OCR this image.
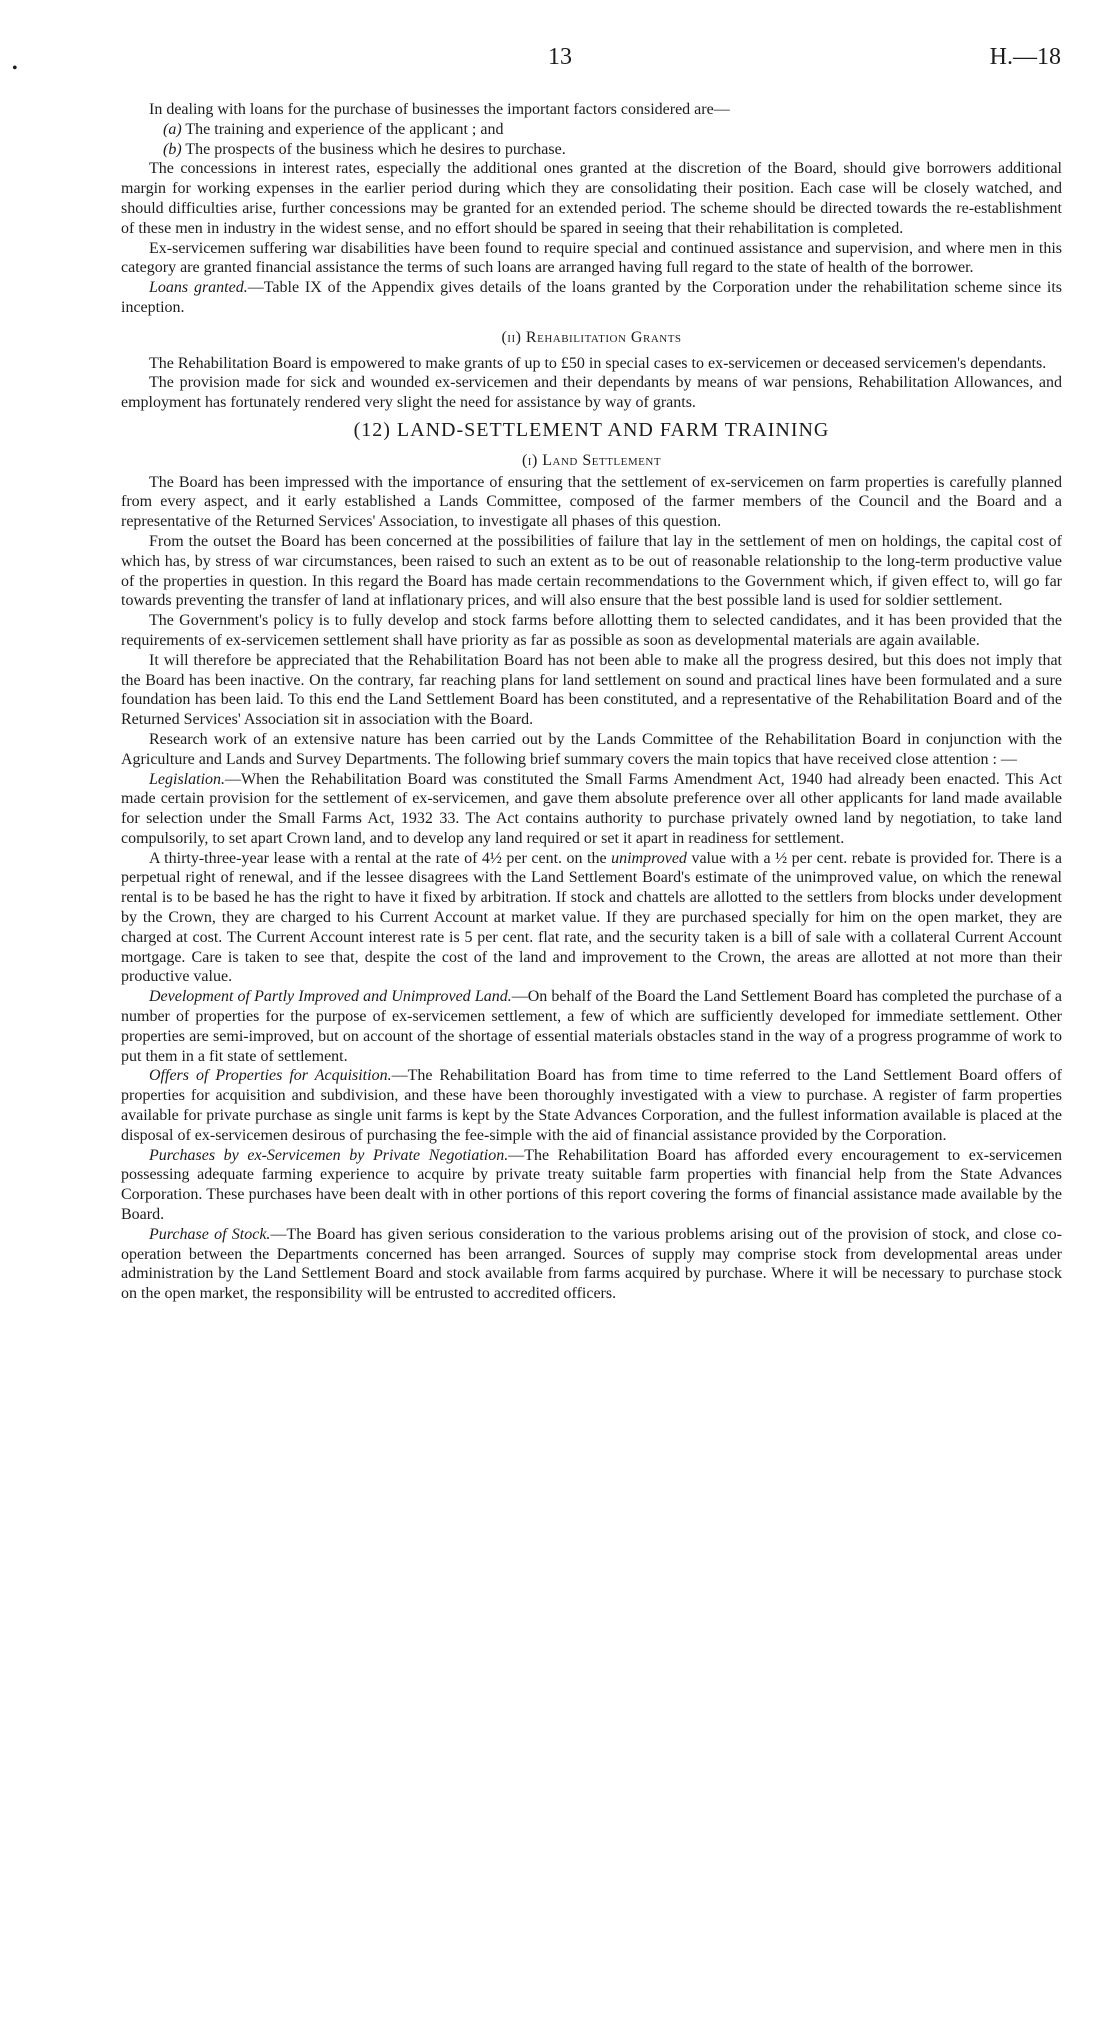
•	13	H.—18

In dealing with loans for the purchase of businesses the important factors considered are—

(a) The training and experience of the applicant ; and

(b) The prospects of the business which he desires to purchase.

The concessions in interest rates, especially the additional ones granted at the discretion of the Board, should give borrowers additional margin for working expenses in the earlier period during which they are consolidating their position. Each case will be closely watched, and should difficulties arise, further concessions may be granted for an extended period. The scheme should be directed towards the re-establishment of these men in industry in the widest sense, and no effort should be spared in seeing that their rehabilitation is completed.

Ex-servicemen suffering war disabilities have been found to require special and continued assistance and supervision, and where men in this category are granted financial assistance the terms of such loans are arranged having full regard to the state of health of the borrower.

Loans granted.—Table IX of the Appendix gives details of the loans granted by the Corporation under the rehabilitation scheme since its inception.

(ii) Rehabilitation Grants

The Rehabilitation Board is empowered to make grants of up to £50 in special cases to ex-servicemen or deceased servicemen's dependants.

The provision made for sick and wounded ex-servicemen and their dependants by means of war pensions, Rehabilitation Allowances, and employment has fortunately rendered very slight the need for assistance by way of grants.

(12) LAND-SETTLEMENT AND FARM TRAINING

(i) Land Settlement

The Board has been impressed with the importance of ensuring that the settlement of ex-servicemen on farm properties is carefully planned from every aspect, and it early established a Lands Committee, composed of the farmer members of the Council and the Board and a representative of the Returned Services' Association, to investigate all phases of this question.

From the outset the Board has been concerned at the possibilities of failure that lay in the settlement of men on holdings, the capital cost of which has, by stress of war circumstances, been raised to such an extent as to be out of reasonable relationship to the long-term productive value of the properties in question. In this regard the Board has made certain recommendations to the Government which, if given effect to, will go far towards preventing the transfer of land at inflationary prices, and will also ensure that the best possible land is used for soldier settlement.

The Government's policy is to fully develop and stock farms before allotting them to selected candidates, and it has been provided that the requirements of ex-servicemen settlement shall have priority as far as possible as soon as developmental materials are again available.

It will therefore be appreciated that the Rehabilitation Board has not been able to make all the progress desired, but this does not imply that the Board has been inactive. On the contrary, far reaching plans for land settlement on sound and practical lines have been formulated and a sure foundation has been laid. To this end the Land Settlement Board has been constituted, and a representative of the Rehabilitation Board and of the Returned Services' Association sit in association with the Board.

Research work of an extensive nature has been carried out by the Lands Committee of the Rehabilitation Board in conjunction with the Agriculture and Lands and Survey Departments. The following brief summary covers the main topics that have received close attention : —

Legislation.—When the Rehabilitation Board was constituted the Small Farms Amendment Act, 1940 had already been enacted. This Act made certain provision for the settlement of ex-servicemen, and gave them absolute preference over all other applicants for land made available for selection under the Small Farms Act, 1932 33. The Act contains authority to purchase privately owned land by negotiation, to take land compulsorily, to set apart Crown land, and to develop any land required or set it apart in readiness for settlement.

A thirty-three-year lease with a rental at the rate of 4½ per cent. on the unimproved value with a ½ per cent. rebate is provided for. There is a perpetual right of renewal, and if the lessee disagrees with the Land Settlement Board's estimate of the unimproved value, on which the renewal rental is to be based he has the right to have it fixed by arbitration. If stock and chattels are allotted to the settlers from blocks under development by the Crown, they are charged to his Current Account at market value. If they are purchased specially for him on the open market, they are charged at cost. The Current Account interest rate is 5 per cent. flat rate, and the security taken is a bill of sale with a collateral Current Account mortgage. Care is taken to see that, despite the cost of the land and improvement to the Crown, the areas are allotted at not more than their productive value.

Development of Partly Improved and Unimproved Land.—On behalf of the Board the Land Settlement Board has completed the purchase of a number of properties for the purpose of ex-servicemen settlement, a few of which are sufficiently developed for immediate settlement. Other properties are semi-improved, but on account of the shortage of essential materials obstacles stand in the way of a progress programme of work to put them in a fit state of settlement.

Offers of Properties for Acquisition.—The Rehabilitation Board has from time to time referred to the Land Settlement Board offers of properties for acquisition and subdivision, and these have been thoroughly investigated with a view to purchase. A register of farm properties available for private purchase as single unit farms is kept by the State Advances Corporation, and the fullest information available is placed at the disposal of ex-servicemen desirous of purchasing the fee-simple with the aid of financial assistance provided by the Corporation.

Purchases by ex-Servicemen by Private Negotiation.—The Rehabilitation Board has afforded every encouragement to ex-servicemen possessing adequate farming experience to acquire by private treaty suitable farm properties with financial help from the State Advances Corporation. These purchases have been dealt with in other portions of this report covering the forms of financial assistance made available by the Board.

Purchase of Stock.—The Board has given serious consideration to the various problems arising out of the provision of stock, and close co-operation between the Departments concerned has been arranged. Sources of supply may comprise stock from developmental areas under administration by the Land Settlement Board and stock available from farms acquired by purchase. Where it will be necessary to purchase stock on the open market, the responsibility will be entrusted to accredited officers.
